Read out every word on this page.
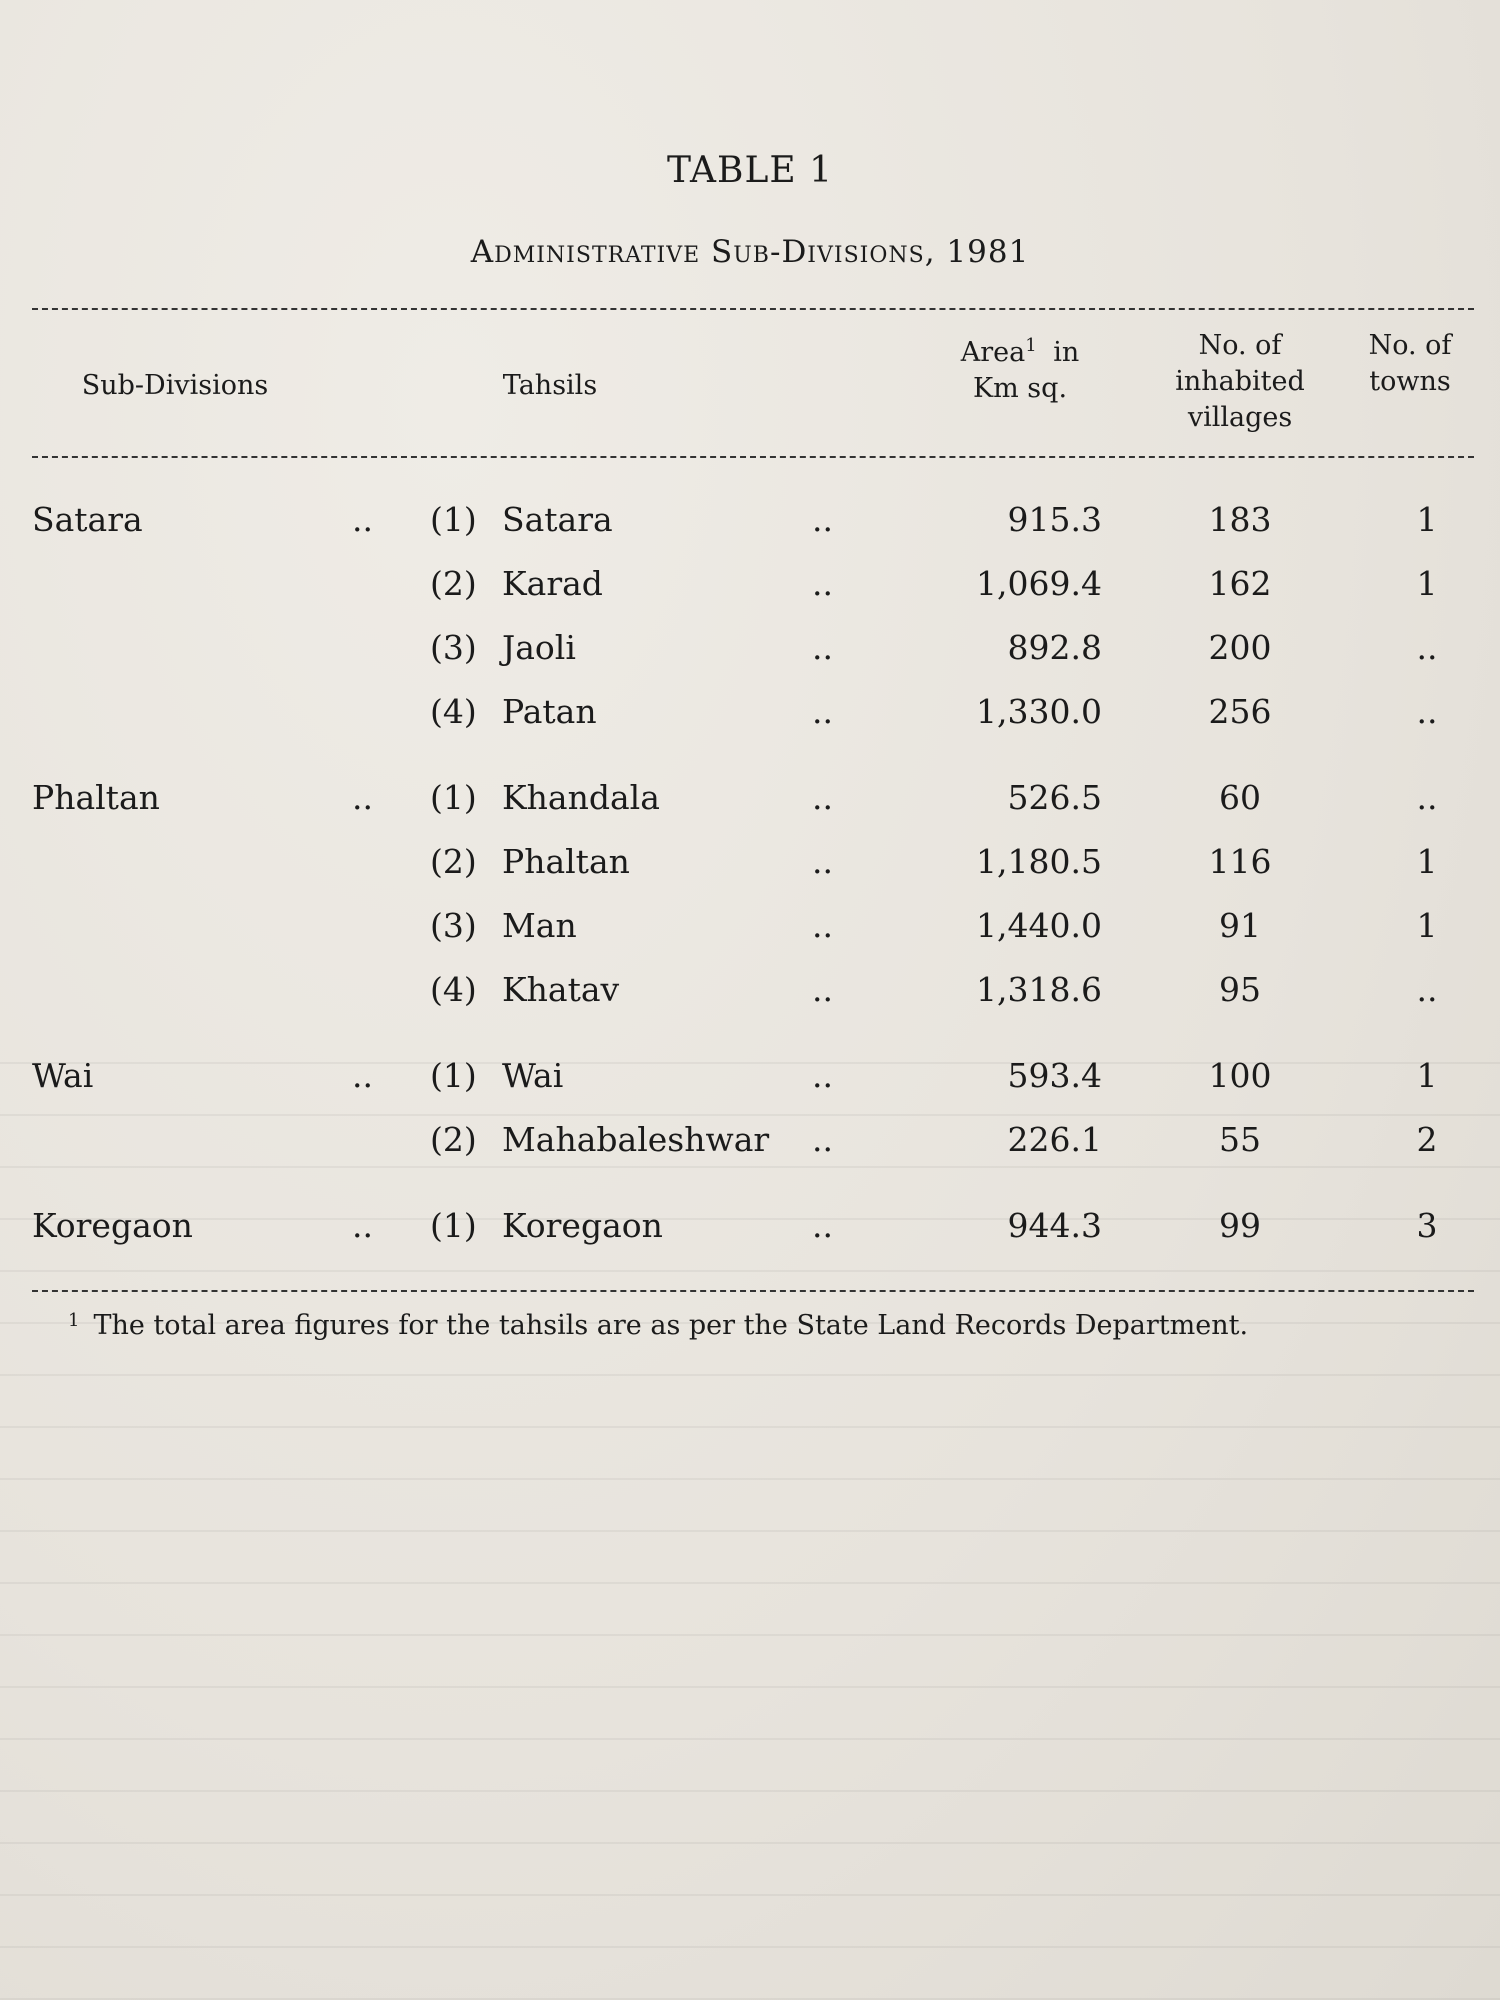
TABLE 1
Administrative Sub-Divisions, 1981
Sub-Divisions	Tahsils
Area$^1$ in
Km sq.
No. of
inhabited
villages
No. of
towns
Satara	.. (1) Satara	..	915.3	183	1
(2) Karad	..	1,069.4	162	1
(3) Jaoli	..	892.8	200	..
(4) Patan	..	1,330.0	256	..
Phaltan	.. (1) Khandala	..	526.5	60	..
(2) Phaltan	..	1,180.5	116	1
(3) Man	..	1,440.0	91	1
(4) Khatav	..	1,318.6	95	..
Wai	.. (1) Wai	..	593.4	100	1
(2) Mahabaleshwar ..	226.1	55	2
Koregaon	.. (1) Koregaon	..	944.3	99	3
$^1$ The total area figures for the tahsils are as per the State Land Records Department.
